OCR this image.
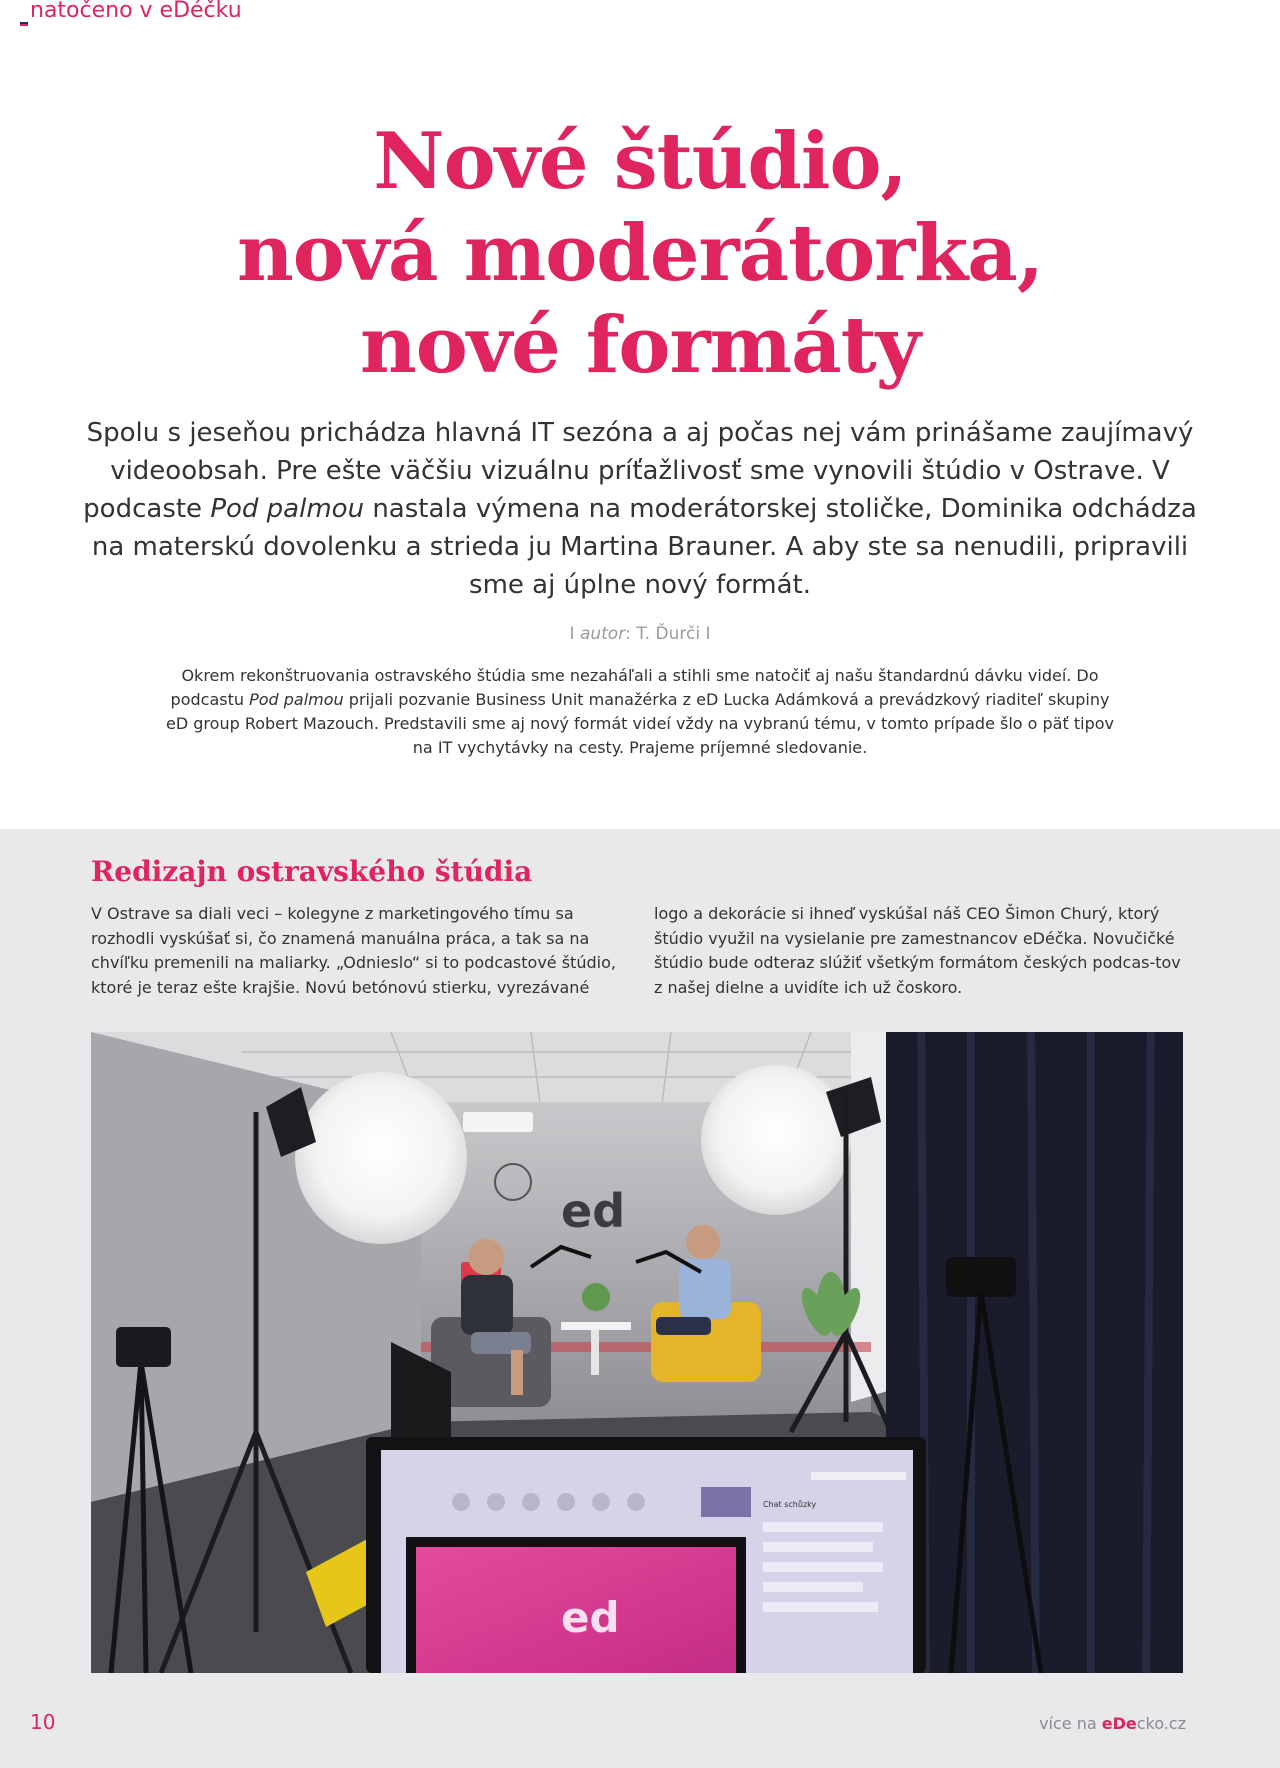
natočeno v eDéčku
Nové štúdio,
nová moderátorka,
nové formáty

Spolu s jeseňou prichádza hlavná IT sezóna a aj počas nej vám prinášame zaujímavý videoobsah. Pre ešte väčšiu vizuálnu príťažlivosť sme vynovili štúdio v Ostrave. V podcaste Pod palmou nastala výmena na moderátorskej stoličke, Dominika odchádza na materskú dovolenku a strieda ju Martina Brauner. A aby ste sa nenudili, pripravili sme aj úplne nový formát.

I autor: T. Ďurči I

Okrem rekonštruovania ostravského štúdia sme nezaháľali a stihli sme natočiť aj našu štandardnú dávku videí. Do podcastu Pod palmou prijali pozvanie Business Unit manažérka z eD Lucka Adámková a prevádzkový riaditeľ skupiny eD group Robert Mazouch. Predstavili sme aj nový formát videí vždy na vybranú tému, v tomto prípade šlo o päť tipov na IT vychytávky na cesty. Prajeme príjemné sledovanie.

Redizajn ostravského štúdia

V Ostrave sa diali veci – kolegyne z marketingového tímu sa rozhodli vyskúšať si, čo znamená manuálna práca, a tak sa na chvíľku premenili na maliarky. „Odnieslo“ si to podcastové štúdio, ktoré je teraz ešte krajšie. Novú betónovú stierku, vyrezávané

logo a dekorácie si ihneď vyskúšal náš CEO Šimon Churý, ktorý štúdio využil na vysielanie pre zamestnancov eDéčka. Novučičké štúdio bude odteraz slúžiť všetkým formátom českých podcas-tov z našej dielne a uvidíte ich už čoskoro.

ed
Chat schůzky
ed
10	více na eDecko.cz
